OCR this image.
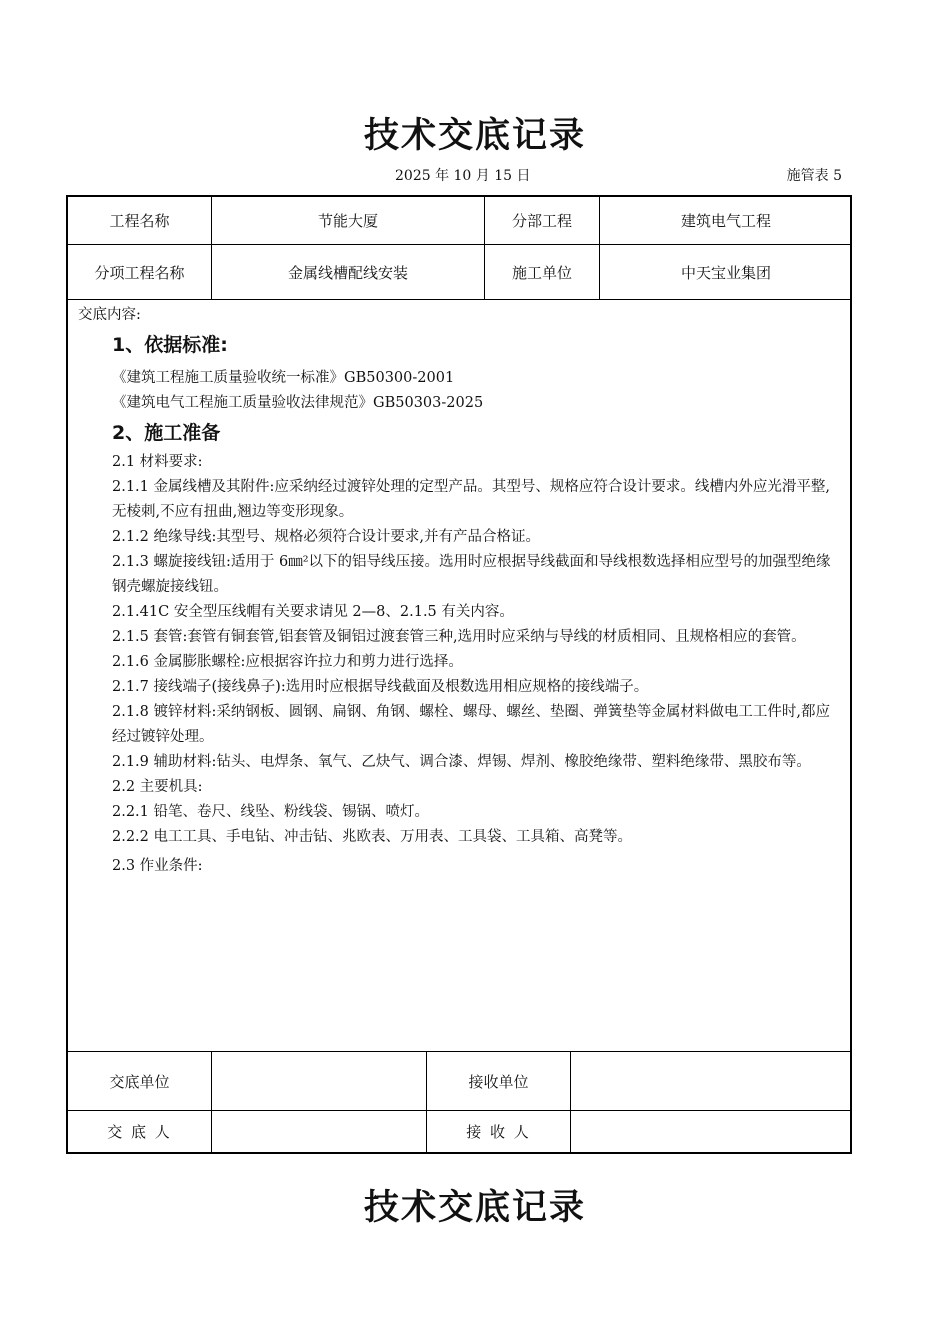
技术交底记录
2025 年 10 月 15 日	施管表 5
工程名称	节能大厦	分部工程	建筑电气工程
分项工程名称	金属线槽配线安装	施工单位	中天宝业集团

交底内容:

1、依据标准:

《建筑工程施工质量验收统一标准》GB50300-2001

《建筑电气工程施工质量验收法律规范》GB50303-2025

2、施工准备

2.1 材料要求:

2.1.1 金属线槽及其附件:应采纳经过渡锌处理的定型产品。其型号、规格应符合设计要求。线槽内外应光滑平整,无棱刺,不应有扭曲,翘边等变形现象。

2.1.2 绝缘导线:其型号、规格必须符合设计要求,并有产品合格证。

2.1.3 螺旋接线钮:适用于 6㎜²以下的铝导线压接。选用时应根据导线截面和导线根数选择相应型号的加强型绝缘钢壳螺旋接线钮。

2.1.41C 安全型压线帽有关要求请见 2—8、2.1.5 有关内容。

2.1.5 套管:套管有铜套管,铝套管及铜铝过渡套管三种,选用时应采纳与导线的材质相同、且规格相应的套管。

2.1.6 金属膨胀螺栓:应根据容许拉力和剪力进行选择。

2.1.7 接线端子(接线鼻子):选用时应根据导线截面及根数选用相应规格的接线端子。

2.1.8 镀锌材料:采纳钢板、圆钢、扁钢、角钢、螺栓、螺母、螺丝、垫圈、弹簧垫等金属材料做电工工件时,都应经过镀锌处理。

2.1.9 辅助材料:钻头、电焊条、氧气、乙炔气、调合漆、焊锡、焊剂、橡胶绝缘带、塑料绝缘带、黑胶布等。

2.2 主要机具:

2.2.1 铅笔、卷尺、线坠、粉线袋、锡锅、喷灯。

2.2.2 电工工具、手电钻、冲击钻、兆欧表、万用表、工具袋、工具箱、高凳等。

2.3 作业条件:

交底单位	接收单位
交 底 人	接 收 人
技术交底记录
